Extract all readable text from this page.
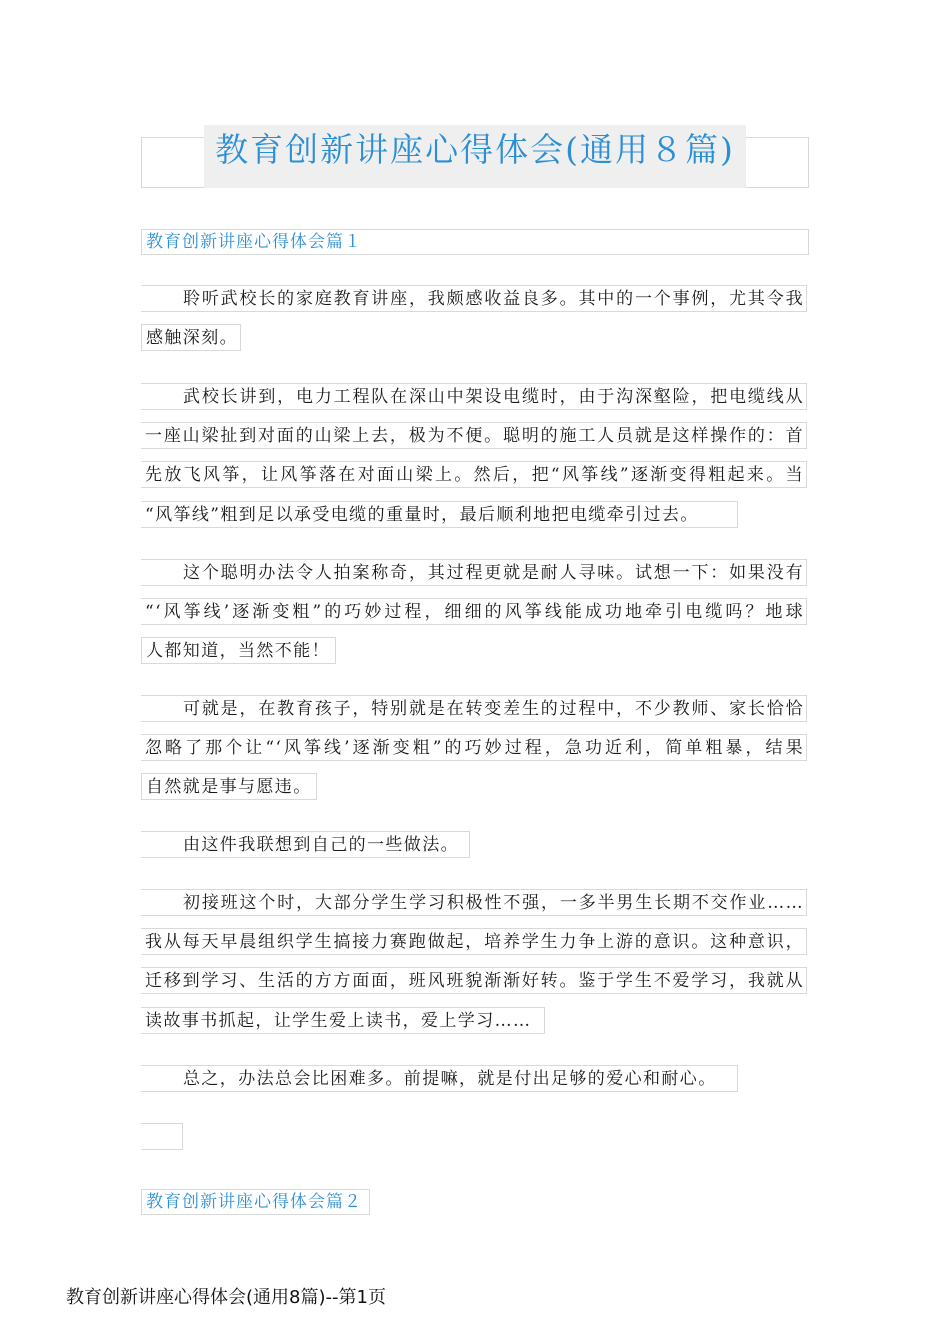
教育创新讲座心得体会(通用８篇)
教育创新讲座心得体会篇１
聆听武校长的家庭教育讲座，我颇感收益良多。其中的一个事例，尤其令我
感触深刻。
武校长讲到，电力工程队在深山中架设电缆时，由于沟深壑险，把电缆线从
一座山梁扯到对面的山梁上去，极为不便。聪明的施工人员就是这样操作的：首
先放飞风筝，让风筝落在对面山梁上。然后，把“风筝线”逐渐变得粗起来。当
“风筝线”粗到足以承受电缆的重量时，最后顺利地把电缆牵引过去。
这个聪明办法令人拍案称奇，其过程更就是耐人寻味。试想一下：如果没有
“‘风筝线’逐渐变粗”的巧妙过程，细细的风筝线能成功地牵引电缆吗？地球
人都知道，当然不能！
可就是，在教育孩子，特别就是在转变差生的过程中，不少教师、家长恰恰
忽略了那个让“‘风筝线’逐渐变粗”的巧妙过程，急功近利，简单粗暴，结果
自然就是事与愿违。
由这件我联想到自己的一些做法。
初接班这个时，大部分学生学习积极性不强，一多半男生长期不交作业……
我从每天早晨组织学生搞接力赛跑做起，培养学生力争上游的意识。这种意识，
迁移到学习、生活的方方面面，班风班貌渐渐好转。鉴于学生不爱学习，我就从
读故事书抓起，让学生爱上读书，爱上学习……
总之，办法总会比困难多。前提嘛，就是付出足够的爱心和耐心。
教育创新讲座心得体会篇２
教育创新讲座心得体会(通用8篇)--第1页
